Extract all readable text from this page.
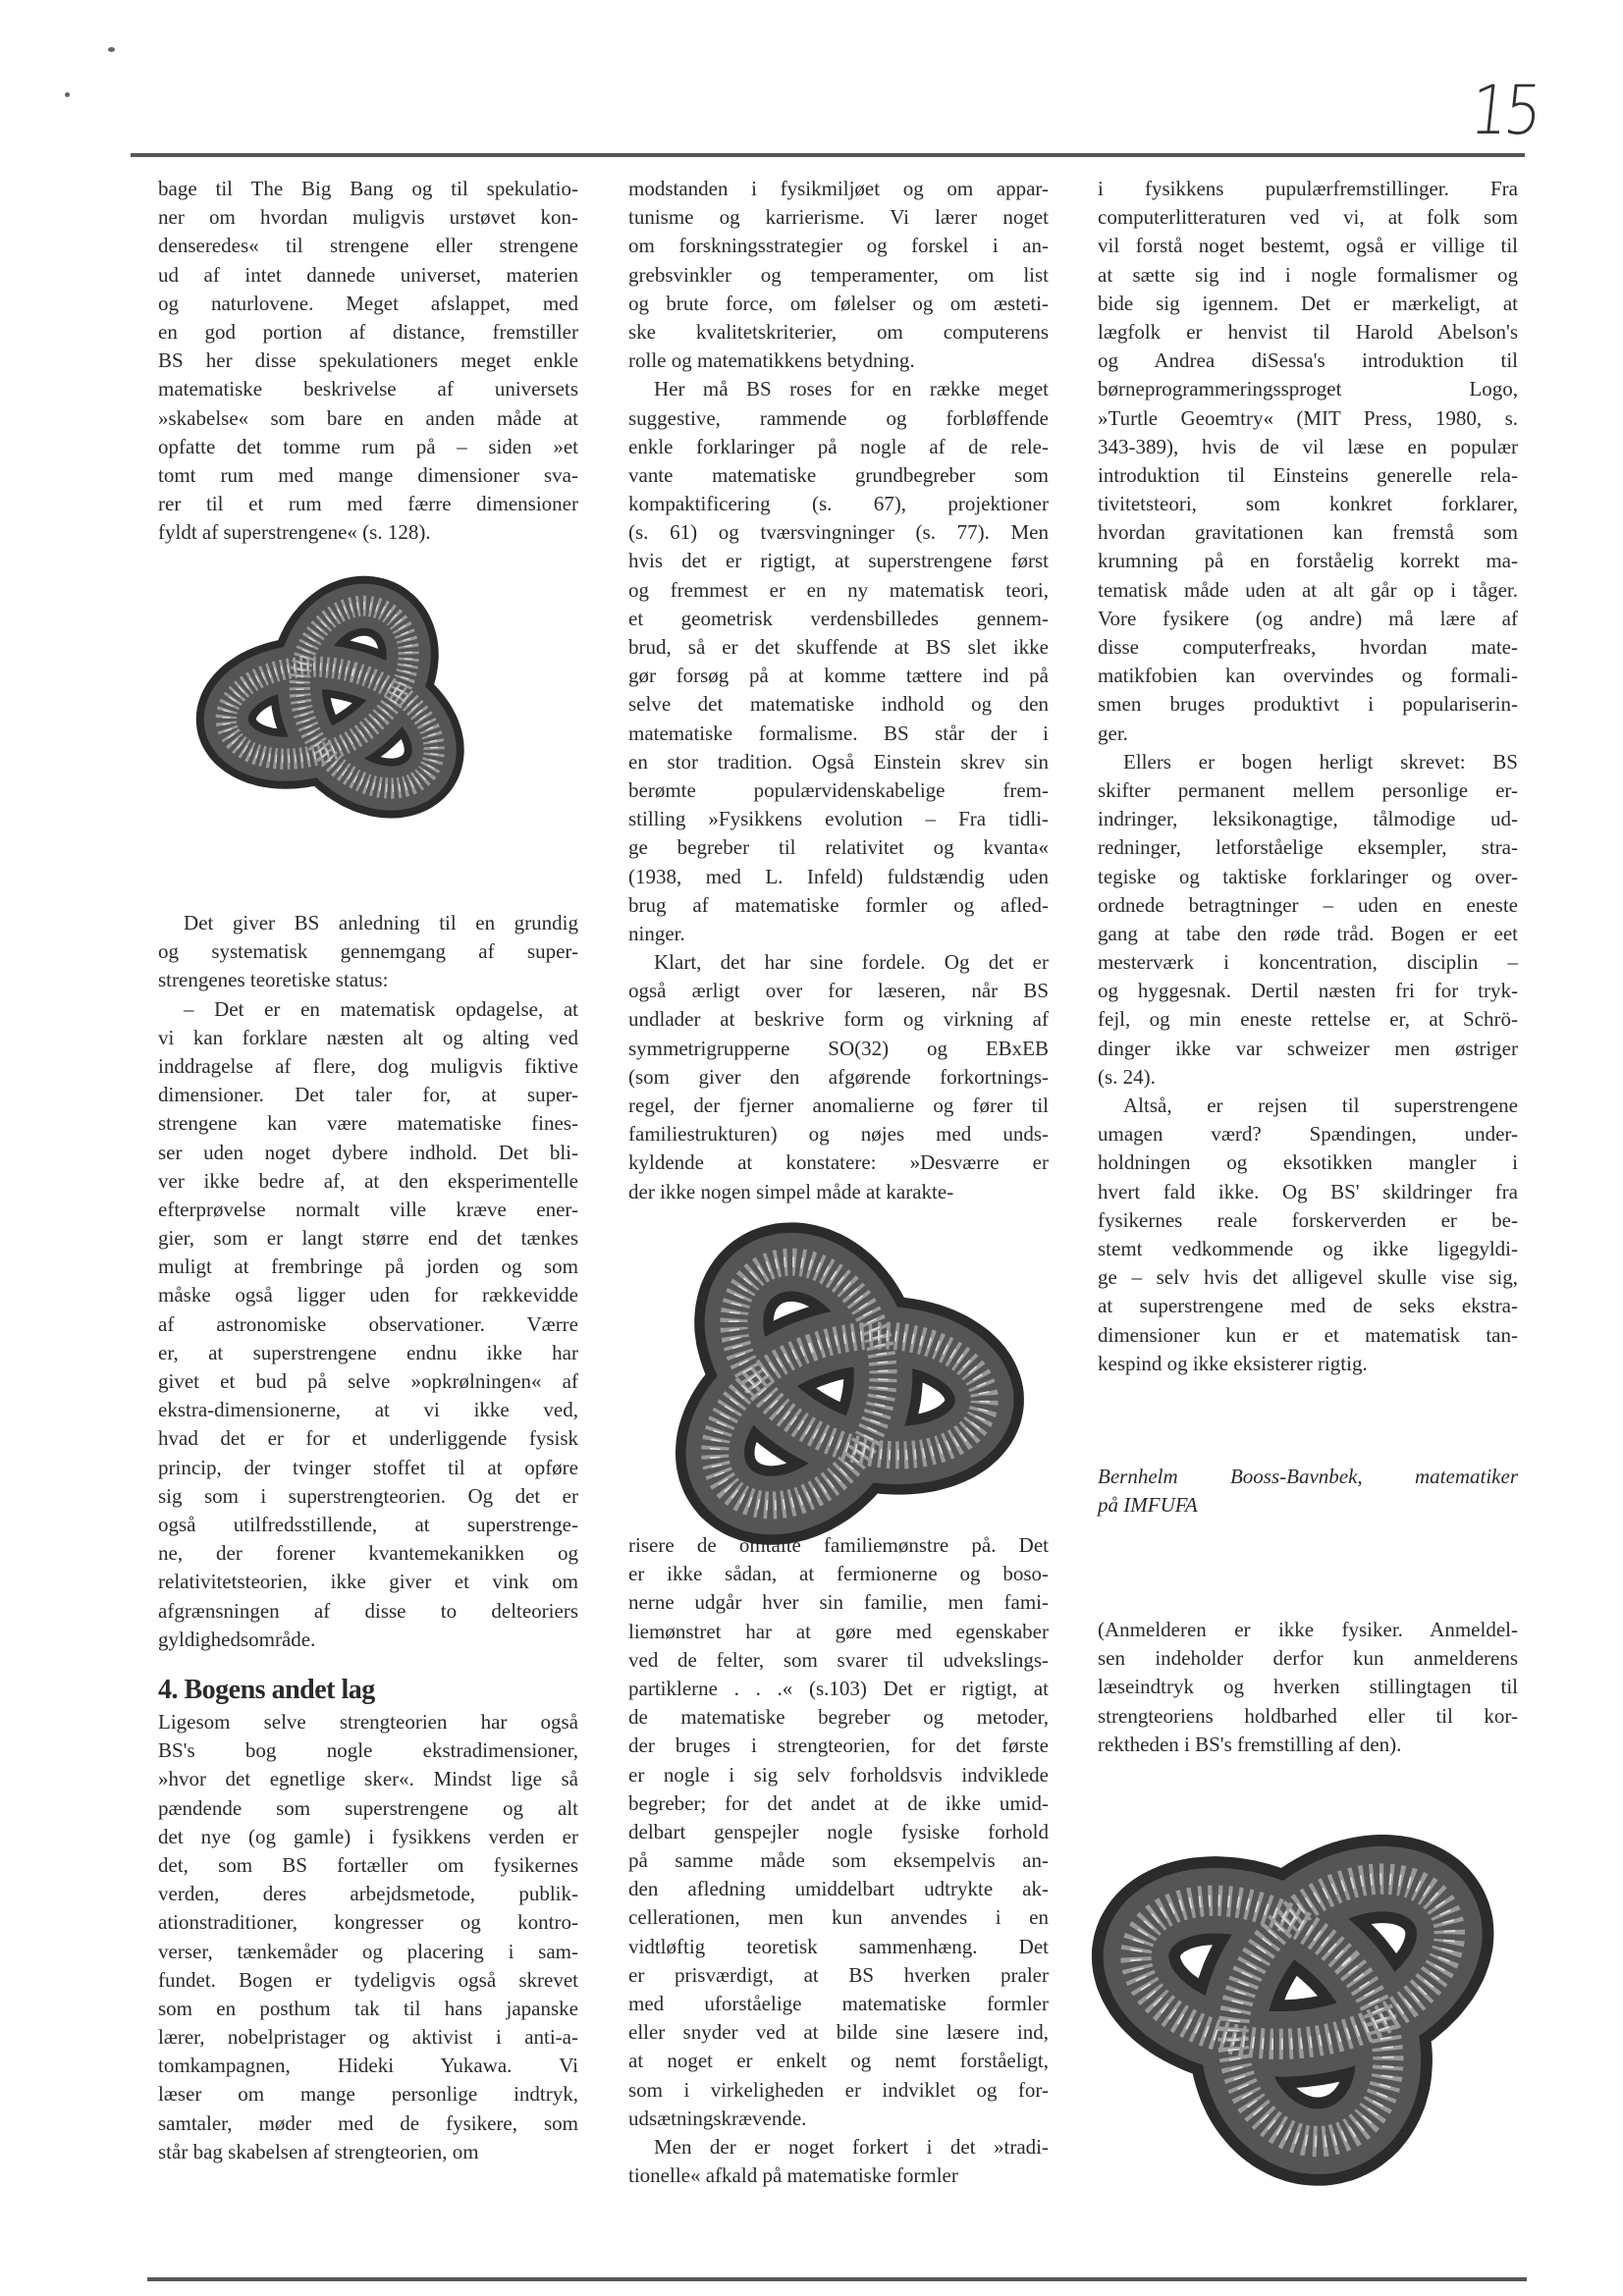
15
bage til The Big Bang og til spekulatio-
ner om hvordan muligvis urstøvet kon-
denseredes« til strengene eller strengene
ud af intet dannede universet, materien
og naturlovene. Meget afslappet, med
en god portion af distance, fremstiller
BS her disse spekulationers meget enkle
matematiske beskrivelse af universets
»skabelse« som bare en anden måde at
opfatte det tomme rum på – siden »et
tomt rum med mange dimensioner sva-
rer til et rum med færre dimensioner
fyldt af superstrengene« (s. 128).
Det giver BS anledning til en grundig
og systematisk gennemgang af super-
strengenes teoretiske status:
– Det er en matematisk opdagelse, at
vi kan forklare næsten alt og alting ved
inddragelse af flere, dog muligvis fiktive
dimensioner. Det taler for, at super-
strengene kan være matematiske fines-
ser uden noget dybere indhold. Det bli-
ver ikke bedre af, at den eksperimentelle
efterprøvelse normalt ville kræve ener-
gier, som er langt større end det tænkes
muligt at frembringe på jorden og som
måske også ligger uden for rækkevidde
af astronomiske observationer. Værre
er, at superstrengene endnu ikke har
givet et bud på selve »opkrølningen« af
ekstra-dimensionerne, at vi ikke ved,
hvad det er for et underliggende fysisk
princip, der tvinger stoffet til at opføre
sig som i superstrengteorien. Og det er
også utilfredsstillende, at superstrenge-
ne, der forener kvantemekanikken og
relativitetsteorien, ikke giver et vink om
afgrænsningen af disse to delteoriers
gyldighedsområde.
4. Bogens andet lag
Ligesom selve strengteorien har også
BS's bog nogle ekstradimensioner,
»hvor det egnetlige sker«. Mindst lige så
pændende som superstrengene og alt
det nye (og gamle) i fysikkens verden er
det, som BS fortæller om fysikernes
verden, deres arbejdsmetode, publik-
ationstraditioner, kongresser og kontro-
verser, tænkemåder og placering i sam-
fundet. Bogen er tydeligvis også skrevet
som en posthum tak til hans japanske
lærer, nobelpristager og aktivist i anti-a-
tomkampagnen, Hideki Yukawa. Vi
læser om mange personlige indtryk,
samtaler, møder med de fysikere, som
står bag skabelsen af strengteorien, om
modstanden i fysikmiljøet og om appar-
tunisme og karrierisme. Vi lærer noget
om forskningsstrategier og forskel i an-
grebsvinkler og temperamenter, om list
og brute force, om følelser og om æsteti-
ske kvalitetskriterier, om computerens
rolle og matematikkens betydning.
Her må BS roses for en række meget
suggestive, rammende og forbløffende
enkle forklaringer på nogle af de rele-
vante matematiske grundbegreber som
kompaktificering (s. 67), projektioner
(s. 61) og tværsvingninger (s. 77). Men
hvis det er rigtigt, at superstrengene først
og fremmest er en ny matematisk teori,
et geometrisk verdensbilledes gennem-
brud, så er det skuffende at BS slet ikke
gør forsøg på at komme tættere ind på
selve det matematiske indhold og den
matematiske formalisme. BS står der i
en stor tradition. Også Einstein skrev sin
berømte populærvidenskabelige frem-
stilling »Fysikkens evolution – Fra tidli-
ge begreber til relativitet og kvanta«
(1938, med L. Infeld) fuldstændig uden
brug af matematiske formler og afled-
ninger.
Klart, det har sine fordele. Og det er
også ærligt over for læseren, når BS
undlader at beskrive form og virkning af
symmetrigrupperne SO(32) og EBxEB
(som giver den afgørende forkortnings-
regel, der fjerner anomalierne og fører til
familiestrukturen) og nøjes med unds-
kyldende at konstatere: »Desværre er
der ikke nogen simpel måde at karakte-
risere de omtalte familiemønstre på. Det
er ikke sådan, at fermionerne og boso-
nerne udgår hver sin familie, men fami-
liemønstret har at gøre med egenskaber
ved de felter, som svarer til udvekslings-
partiklerne . . .« (s.103) Det er rigtigt, at
de matematiske begreber og metoder,
der bruges i strengteorien, for det første
er nogle i sig selv forholdsvis indviklede
begreber; for det andet at de ikke umid-
delbart genspejler nogle fysiske forhold
på samme måde som eksempelvis an-
den afledning umiddelbart udtrykte ak-
cellerationen, men kun anvendes i en
vidtløftig teoretisk sammenhæng. Det
er prisværdigt, at BS hverken praler
med uforståelige matematiske formler
eller snyder ved at bilde sine læsere ind,
at noget er enkelt og nemt forståeligt,
som i virkeligheden er indviklet og for-
udsætningskrævende.
Men der er noget forkert i det »tradi-
tionelle« afkald på matematiske formler
i fysikkens pupulærfremstillinger. Fra
computerlitteraturen ved vi, at folk som
vil forstå noget bestemt, også er villige til
at sætte sig ind i nogle formalismer og
bide sig igennem. Det er mærkeligt, at
lægfolk er henvist til Harold Abelson's
og Andrea diSessa's introduktion til
børneprogrammeringssproget Logo,
»Turtle Geoemtry« (MIT Press, 1980, s.
343-389), hvis de vil læse en populær
introduktion til Einsteins generelle rela-
tivitetsteori, som konkret forklarer,
hvordan gravitationen kan fremstå som
krumning på en forståelig korrekt ma-
tematisk måde uden at alt går op i tåger.
Vore fysikere (og andre) må lære af
disse computerfreaks, hvordan mate-
matikfobien kan overvindes og formali-
smen bruges produktivt i populariserin-
ger.
Ellers er bogen herligt skrevet: BS
skifter permanent mellem personlige er-
indringer, leksikonagtige, tålmodige ud-
redninger, letforståelige eksempler, stra-
tegiske og taktiske forklaringer og over-
ordnede betragtninger – uden en eneste
gang at tabe den røde tråd. Bogen er eet
mesterværk i koncentration, disciplin –
og hyggesnak. Dertil næsten fri for tryk-
fejl, og min eneste rettelse er, at Schrö-
dinger ikke var schweizer men østriger
(s. 24).
Altså, er rejsen til superstrengene
umagen værd? Spændingen, under-
holdningen og eksotikken mangler i
hvert fald ikke. Og BS' skildringer fra
fysikernes reale forskerverden er be-
stemt vedkommende og ikke ligegyldi-
ge – selv hvis det alligevel skulle vise sig,
at superstrengene med de seks ekstra-
dimensioner kun er et matematisk tan-
kespind og ikke eksisterer rigtig.
Bernhelm Booss-Bavnbek, matematiker
på IMFUFA
(Anmelderen er ikke fysiker. Anmeldel-
sen indeholder derfor kun anmelderens
læseindtryk og hverken stillingtagen til
strengteoriens holdbarhed eller til kor-
rektheden i BS's fremstilling af den).
